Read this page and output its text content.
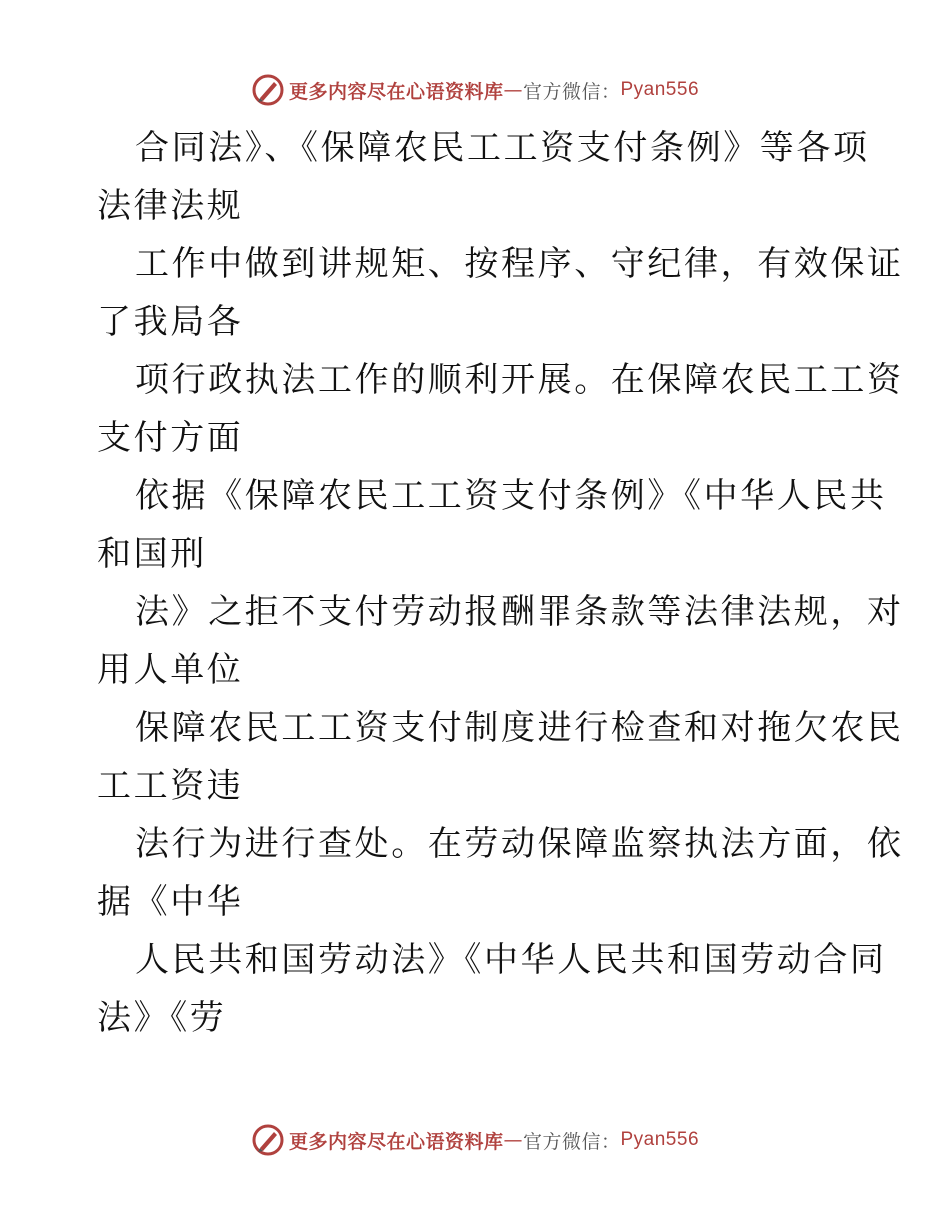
更多内容尽在心语资料库 — 官方微信： Pyan556
合同法》、《保障农民工工资支付条例》等各项
法律法规
工作中做到讲规矩、按程序、守纪律，有效保证
了我局各
项行政执法工作的顺利开展。在保障农民工工资
支付方面
依据《保障农民工工资支付条例》《中华人民共
和国刑
法》之拒不支付劳动报酬罪条款等法律法规，对
用人单位
保障农民工工资支付制度进行检查和对拖欠农民
工工资违
法行为进行查处。在劳动保障监察执法方面，依
据《中华
人民共和国劳动法》《中华人民共和国劳动合同
法》《劳
更多内容尽在心语资料库 — 官方微信： Pyan556
